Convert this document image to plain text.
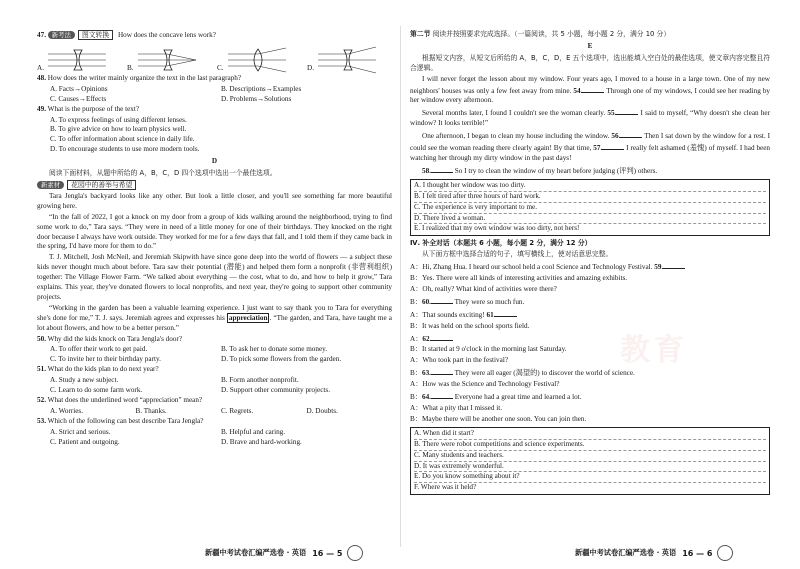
教育
47. 新考法 图文转换 How does the concave lens work?
A.	B.	C.	D.
48. How does the writer mainly organize the text in the last paragraph?
A. Facts→Opinions	B. Descriptions→Examples
C. Causes→Effects	D. Problems→Solutions
49. What is the purpose of the text?
A. To express feelings of using different lenses.
B. To give advice on how to learn physics well.
C. To offer information about science in daily life.
D. To encourage students to use more modern tools.
D
阅读下面材料，从题中所给的 A，B，C，D 四个选项中选出一个最佳选项。
新素材 花园中的善举与希望
Tara Jengla's backyard looks like any other. But look a little closer, and you'll see something far more beautiful growing here.
“In the fall of 2022, I got a knock on my door from a group of kids walking around the neighborhood, trying to find some work to do,” Tara says. “They were in need of a little money for one of their birthdays. They knocked on the right door because I always have work outside. They worked for me for a few days that fall, and I told them if they came back in the spring, I'd have more for them to do.”
T. J. Mitchell, Josh McNeil, and Jeremiah Skipwith have since gone deep into the world of flowers — a subject these kids never thought much about before. Tara saw their potential (潜能) and helped them form a nonprofit (非营利组织) together: The Village Flower Farm. “We talked about everything — the cost, what to do, and how to help it grow,” Tara explains. This year, they've donated flowers to local nonprofits, and next year, they're going to support other community projects.
“Working in the garden has been a valuable learning experience. I just want to say thank you to Tara for everything she's done for me,” T. J. says. Jeremiah agrees and expresses his appreciation . “The garden, and Tara, have taught me a lot about flowers, and how to be a better person.”
50. Why did the kids knock on Tara Jengla's door?
A. To offer their work to get paid.	B. To ask her to donate some money.
C. To invite her to their birthday party.	D. To pick some flowers from the garden.
51. What do the kids plan to do next year?
A. Study a new subject.	B. Form another nonprofit.
C. Learn to do some farm work.	D. Support other community projects.
52. What does the underlined word “appreciation” mean?
A. Worries.	B. Thanks.	C. Regrets.	D. Doubts.
53. Which of the following can best describe Tara Jengla?
A. Strict and serious.	B. Helpful and caring.
C. Patient and outgoing.	D. Brave and hard-working.
新疆中考试卷汇编严选卷 · 英语 16 — 5
第二节 阅读并按照要求完成选择。（一篇阅读，共 5 小题，每小题 2 分，满分 10 分）
E
根据短文内容，从短文后所给的 A，B，C，D，E 五个选项中，选出能填入空白处的最佳选项，使文章内容完整且符合逻辑。
I will never forget the lesson about my window. Four years ago, I moved to a house in a large town. One of my new neighbors' houses was only a few feet away from mine. 54.	Through one of my windows, I could see her reading by her window every afternoon.
Several months later, I found I couldn't see the woman clearly. 55.	I said to myself, “Why doesn't she clean her window? It looks terrible!”
One afternoon, I began to clean my house including the window. 56.	Then I sat down by the window for a rest. I could see the woman reading there clearly again! By that time, 57.	I really felt ashamed (羞愧) of myself. I had been watching her through my dirty window in the past days!
58.	So I try to clean the window of my heart before judging (评判) others.
A. I thought her window was too dirty.
B. I felt tired after three hours of hard work.
C. The experience is very important to me.
D. There lived a woman.
E. I realized that my own window was too dirty, not hers!
Ⅳ. 补全对话（本题共 6 小题，每小题 2 分，满分 12 分）
从下面方框中选择合适的句子，填写横线上，使对话意思完整。
A：Hi, Zhang Hua. I heard our school held a cool Science and Technology Festival. 59.
B：Yes. There were all kinds of interesting activities and amazing exhibits.
A：Oh, really? What kind of activities were there?
B：60.	They were so much fun.
A：That sounds exciting! 61.
B：It was held on the school sports field.
A：62.
B：It started at 9 o'clock in the morning last Saturday.
A：Who took part in the festival?
B：63.	They were all eager (渴望的) to discover the world of science.
A：How was the Science and Technology Festival?
B：64.	Everyone had a great time and learned a lot.
A：What a pity that I missed it.
B：Maybe there will be another one soon. You can join then.
A. When did it start?
B. There were robot competitions and science experiments.
C. Many students and teachers.
D. It was extremely wonderful.
E. Do you know something about it?
F. Where was it held?
新疆中考试卷汇编严选卷 · 英语 16 — 6
